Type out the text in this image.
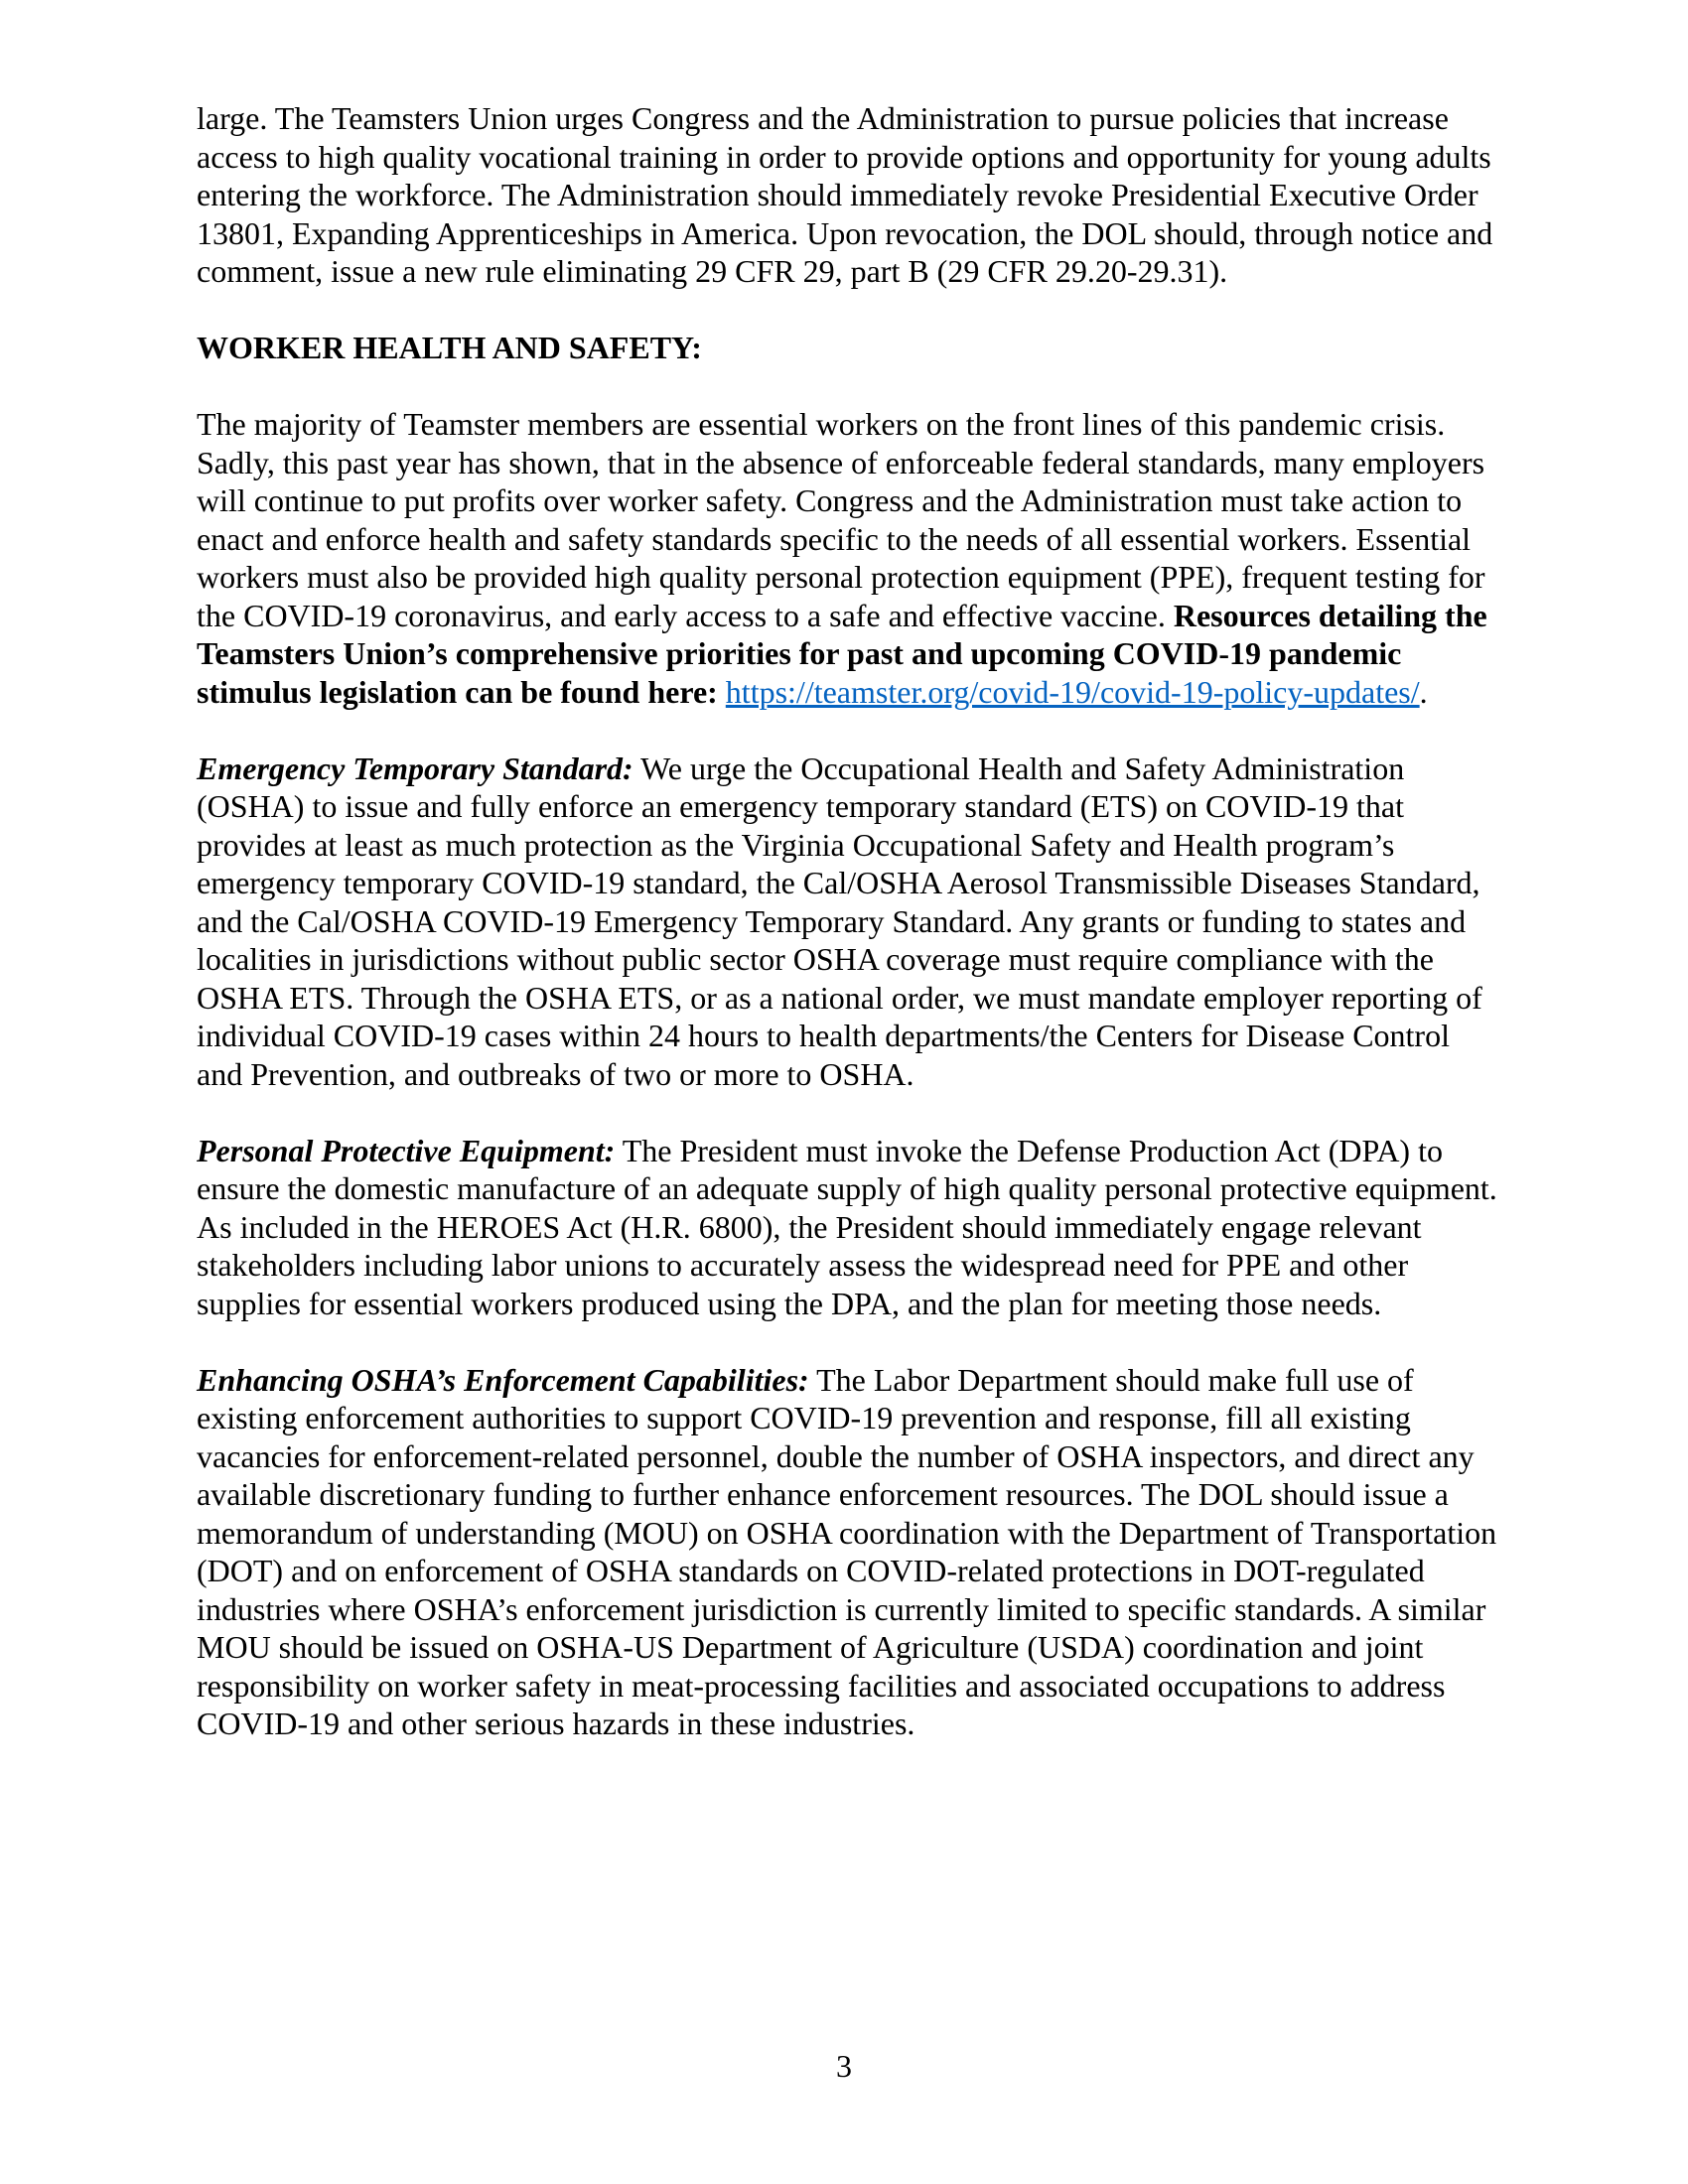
large. The Teamsters Union urges Congress and the Administration to pursue policies that increase access to high quality vocational training in order to provide options and opportunity for young adults entering the workforce. The Administration should immediately revoke Presidential Executive Order 13801, Expanding Apprenticeships in America. Upon revocation, the DOL should, through notice and comment, issue a new rule eliminating 29 CFR 29, part B (29 CFR 29.20-29.31).

WORKER HEALTH AND SAFETY:

The majority of Teamster members are essential workers on the front lines of this pandemic crisis. Sadly, this past year has shown, that in the absence of enforceable federal standards, many employers will continue to put profits over worker safety. Congress and the Administration must take action to enact and enforce health and safety standards specific to the needs of all essential workers. Essential workers must also be provided high quality personal protection equipment (PPE), frequent testing for the COVID-19 coronavirus, and early access to a safe and effective vaccine. Resources detailing the Teamsters Union’s comprehensive priorities for past and upcoming COVID-19 pandemic stimulus legislation can be found here: https://teamster.org/covid-19/covid-19-policy-updates/.

Emergency Temporary Standard: We urge the Occupational Health and Safety Administration (OSHA) to issue and fully enforce an emergency temporary standard (ETS) on COVID-19 that provides at least as much protection as the Virginia Occupational Safety and Health program’s emergency temporary COVID-19 standard, the Cal/OSHA Aerosol Transmissible Diseases Standard, and the Cal/OSHA COVID-19 Emergency Temporary Standard. Any grants or funding to states and localities in jurisdictions without public sector OSHA coverage must require compliance with the OSHA ETS. Through the OSHA ETS, or as a national order, we must mandate employer reporting of individual COVID-19 cases within 24 hours to health departments/the Centers for Disease Control and Prevention, and outbreaks of two or more to OSHA.

Personal Protective Equipment: The President must invoke the Defense Production Act (DPA) to ensure the domestic manufacture of an adequate supply of high quality personal protective equipment. As included in the HEROES Act (H.R. 6800), the President should immediately engage relevant stakeholders including labor unions to accurately assess the widespread need for PPE and other supplies for essential workers produced using the DPA, and the plan for meeting those needs.

Enhancing OSHA’s Enforcement Capabilities: The Labor Department should make full use of existing enforcement authorities to support COVID-19 prevention and response, fill all existing vacancies for enforcement-related personnel, double the number of OSHA inspectors, and direct any available discretionary funding to further enhance enforcement resources. The DOL should issue a memorandum of understanding (MOU) on OSHA coordination with the Department of Transportation (DOT) and on enforcement of OSHA standards on COVID-related protections in DOT-regulated industries where OSHA’s enforcement jurisdiction is currently limited to specific standards. A similar MOU should be issued on OSHA-US Department of Agriculture (USDA) coordination and joint responsibility on worker safety in meat-processing facilities and associated occupations to address COVID-19 and other serious hazards in these industries.

3
